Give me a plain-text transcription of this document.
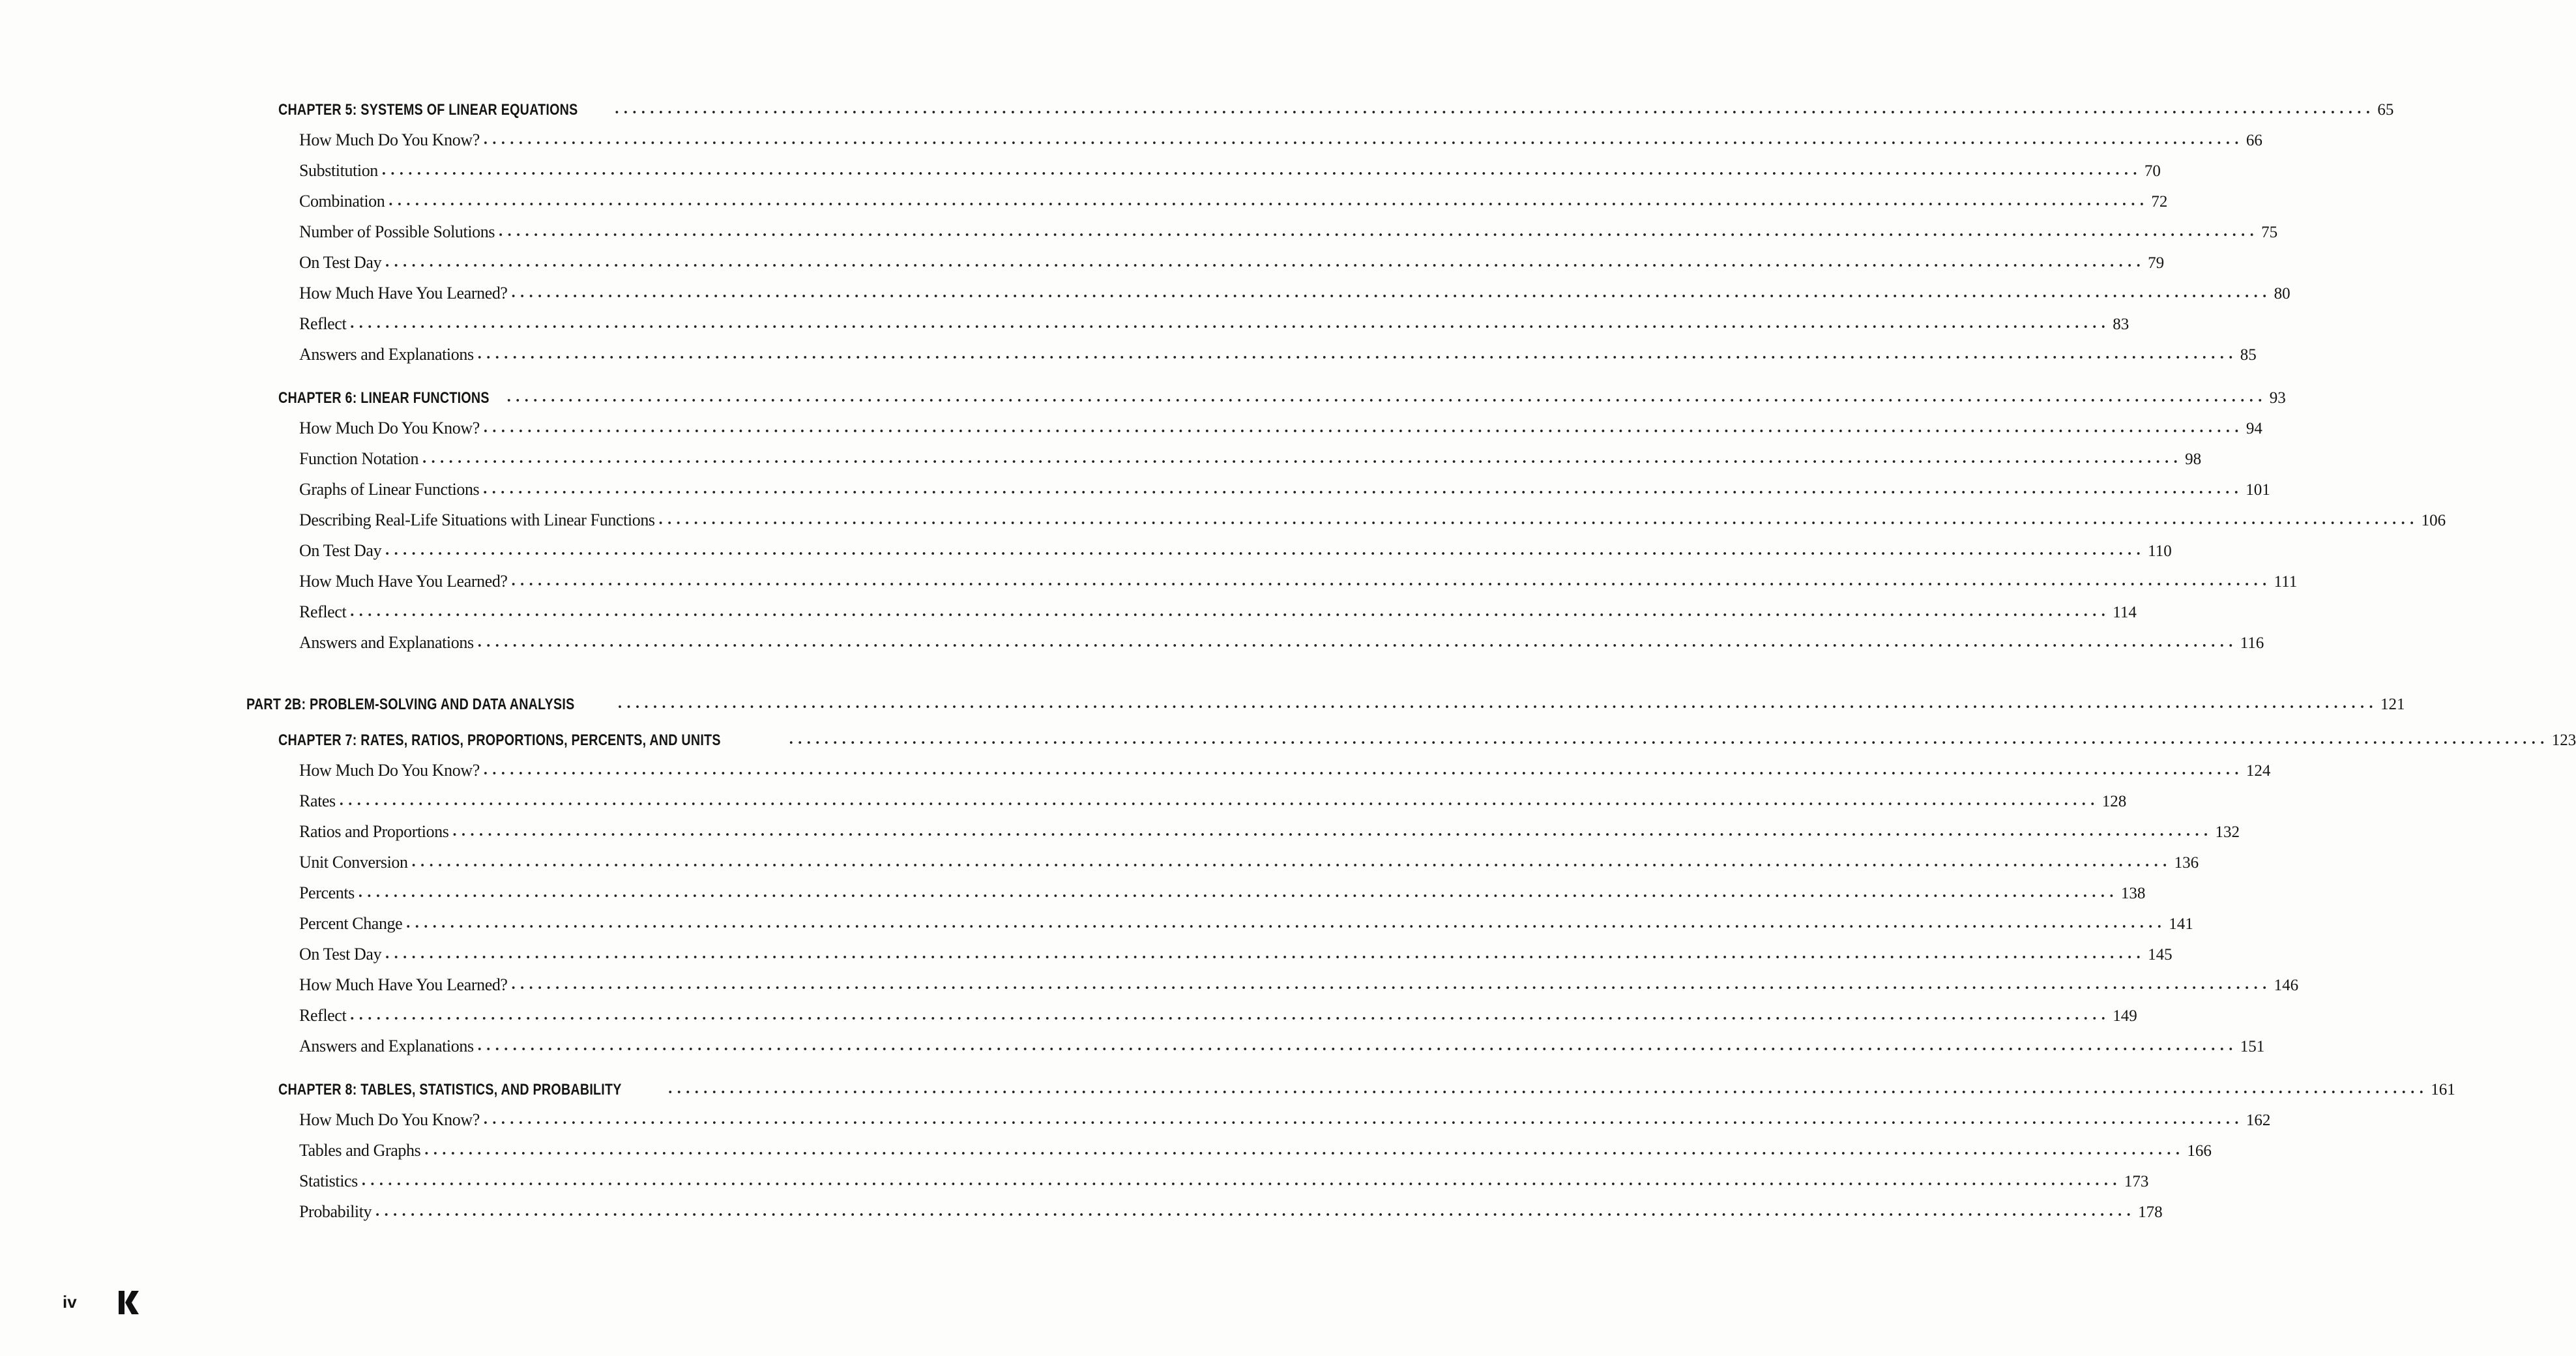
CHAPTER 5: SYSTEMS OF LINEAR EQUATIONS ........................................................................................................................................................................................................ 65
How Much Do You Know? ........................................................................................................................................................................................................ 66
Substitution ........................................................................................................................................................................................................ 70
Combination ........................................................................................................................................................................................................ 72
Number of Possible Solutions ........................................................................................................................................................................................................ 75
On Test Day ........................................................................................................................................................................................................ 79
How Much Have You Learned? ........................................................................................................................................................................................................ 80
Reflect ........................................................................................................................................................................................................ 83
Answers and Explanations ........................................................................................................................................................................................................ 85
CHAPTER 6: LINEAR FUNCTIONS ........................................................................................................................................................................................................ 93
How Much Do You Know? ........................................................................................................................................................................................................ 94
Function Notation ........................................................................................................................................................................................................ 98
Graphs of Linear Functions ........................................................................................................................................................................................................ 101
Describing Real-Life Situations with Linear Functions ........................................................................................................................................................................................................ 106
On Test Day ........................................................................................................................................................................................................ 110
How Much Have You Learned? ........................................................................................................................................................................................................ 111
Reflect ........................................................................................................................................................................................................ 114
Answers and Explanations ........................................................................................................................................................................................................ 116
PART 2B: PROBLEM-SOLVING AND DATA ANALYSIS	........................................................................................................................................................................................................ 121
CHAPTER 7: RATES, RATIOS, PROPORTIONS, PERCENTS, AND UNITS	........................................................................................................................................................................................................ 123
How Much Do You Know? ........................................................................................................................................................................................................ 124
Rates ........................................................................................................................................................................................................ 128
Ratios and Proportions ........................................................................................................................................................................................................ 132
Unit Conversion ........................................................................................................................................................................................................ 136
Percents ........................................................................................................................................................................................................ 138
Percent Change ........................................................................................................................................................................................................ 141
On Test Day ........................................................................................................................................................................................................ 145
How Much Have You Learned? ........................................................................................................................................................................................................ 146
Reflect ........................................................................................................................................................................................................ 149
Answers and Explanations ........................................................................................................................................................................................................ 151
CHAPTER 8: TABLES, STATISTICS, AND PROBABILITY	........................................................................................................................................................................................................ 161
How Much Do You Know? ........................................................................................................................................................................................................ 162
Tables and Graphs ........................................................................................................................................................................................................ 166
Statistics ........................................................................................................................................................................................................ 173
Probability ........................................................................................................................................................................................................ 178
iv
